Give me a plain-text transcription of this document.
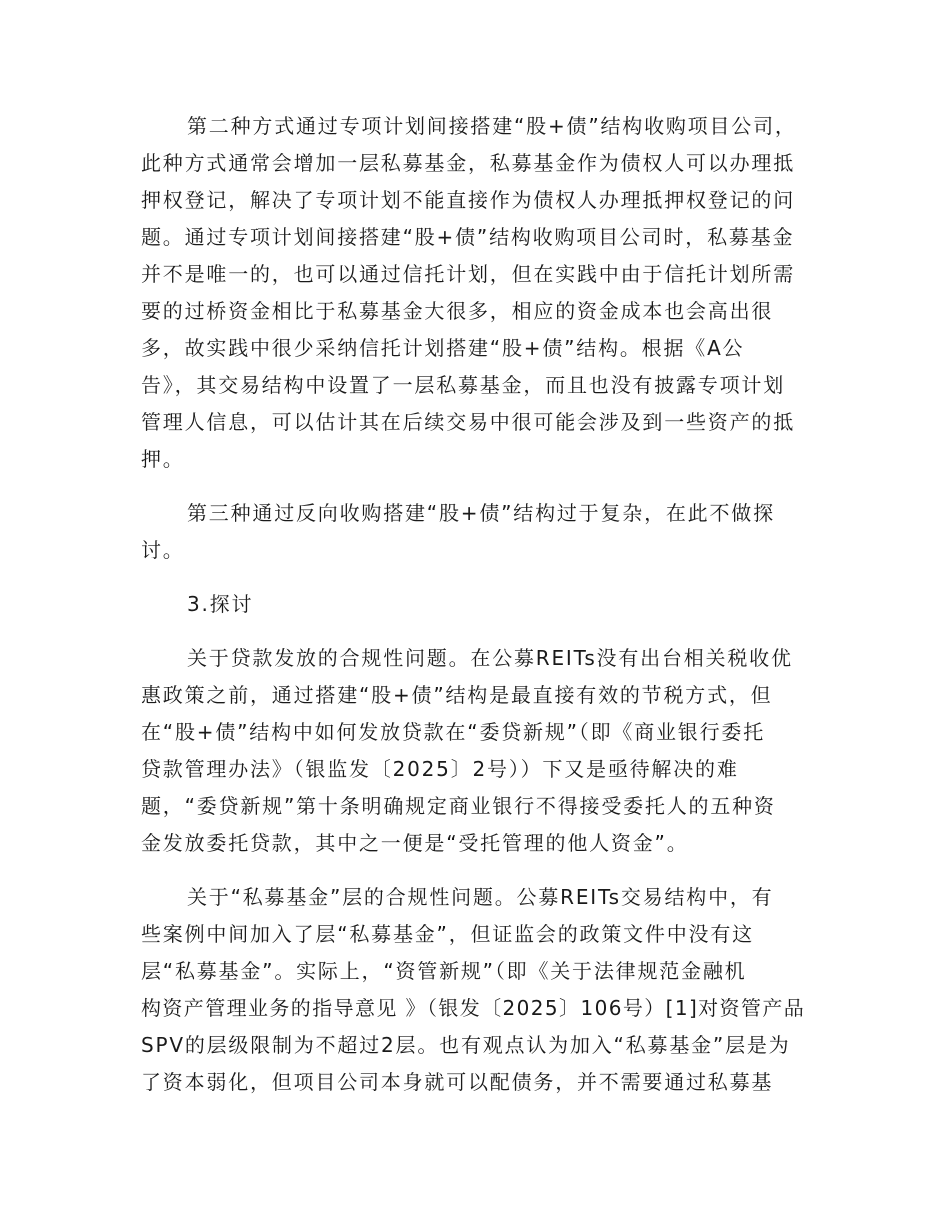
第二种方式通过专项计划间接搭建“股+债”结构收购项目公司，
此种方式通常会增加一层私募基金，私募基金作为债权人可以办理抵
押权登记，解决了专项计划不能直接作为债权人办理抵押权登记的问
题。通过专项计划间接搭建“股+债”结构收购项目公司时，私募基金
并不是唯一的，也可以通过信托计划，但在实践中由于信托计划所需
要的过桥资金相比于私募基金大很多，相应的资金成本也会高出很
多，故实践中很少采纳信托计划搭建“股+债”结构。根据《A公
告》，其交易结构中设置了一层私募基金，而且也没有披露专项计划
管理人信息，可以估计其在后续交易中很可能会涉及到一些资产的抵
押。
第三种通过反向收购搭建“股+债”结构过于复杂，在此不做探
讨。
3.探讨
关于贷款发放的合规性问题。在公募REITs没有出台相关税收优
惠政策之前，通过搭建“股+债”结构是最直接有效的节税方式，但
在“股+债”结构中如何发放贷款在“委贷新规”（即《商业银行委托
贷款管理办法》（银监发〔2025〕2号））下又是亟待解决的难
题，“委贷新规”第十条明确规定商业银行不得接受委托人的五种资
金发放委托贷款，其中之一便是“受托管理的他人资金”。
关于“私募基金”层的合规性问题。公募REITs交易结构中，有
些案例中间加入了层“私募基金”，但证监会的政策文件中没有这
层“私募基金”。实际上，“资管新规”（即《关于法律规范金融机
构资产管理业务的指导意见 》（银发〔2025〕106号）[1]对资管产品
SPV的层级限制为不超过2层。也有观点认为加入“私募基金”层是为
了资本弱化，但项目公司本身就可以配债务，并不需要通过私募基
